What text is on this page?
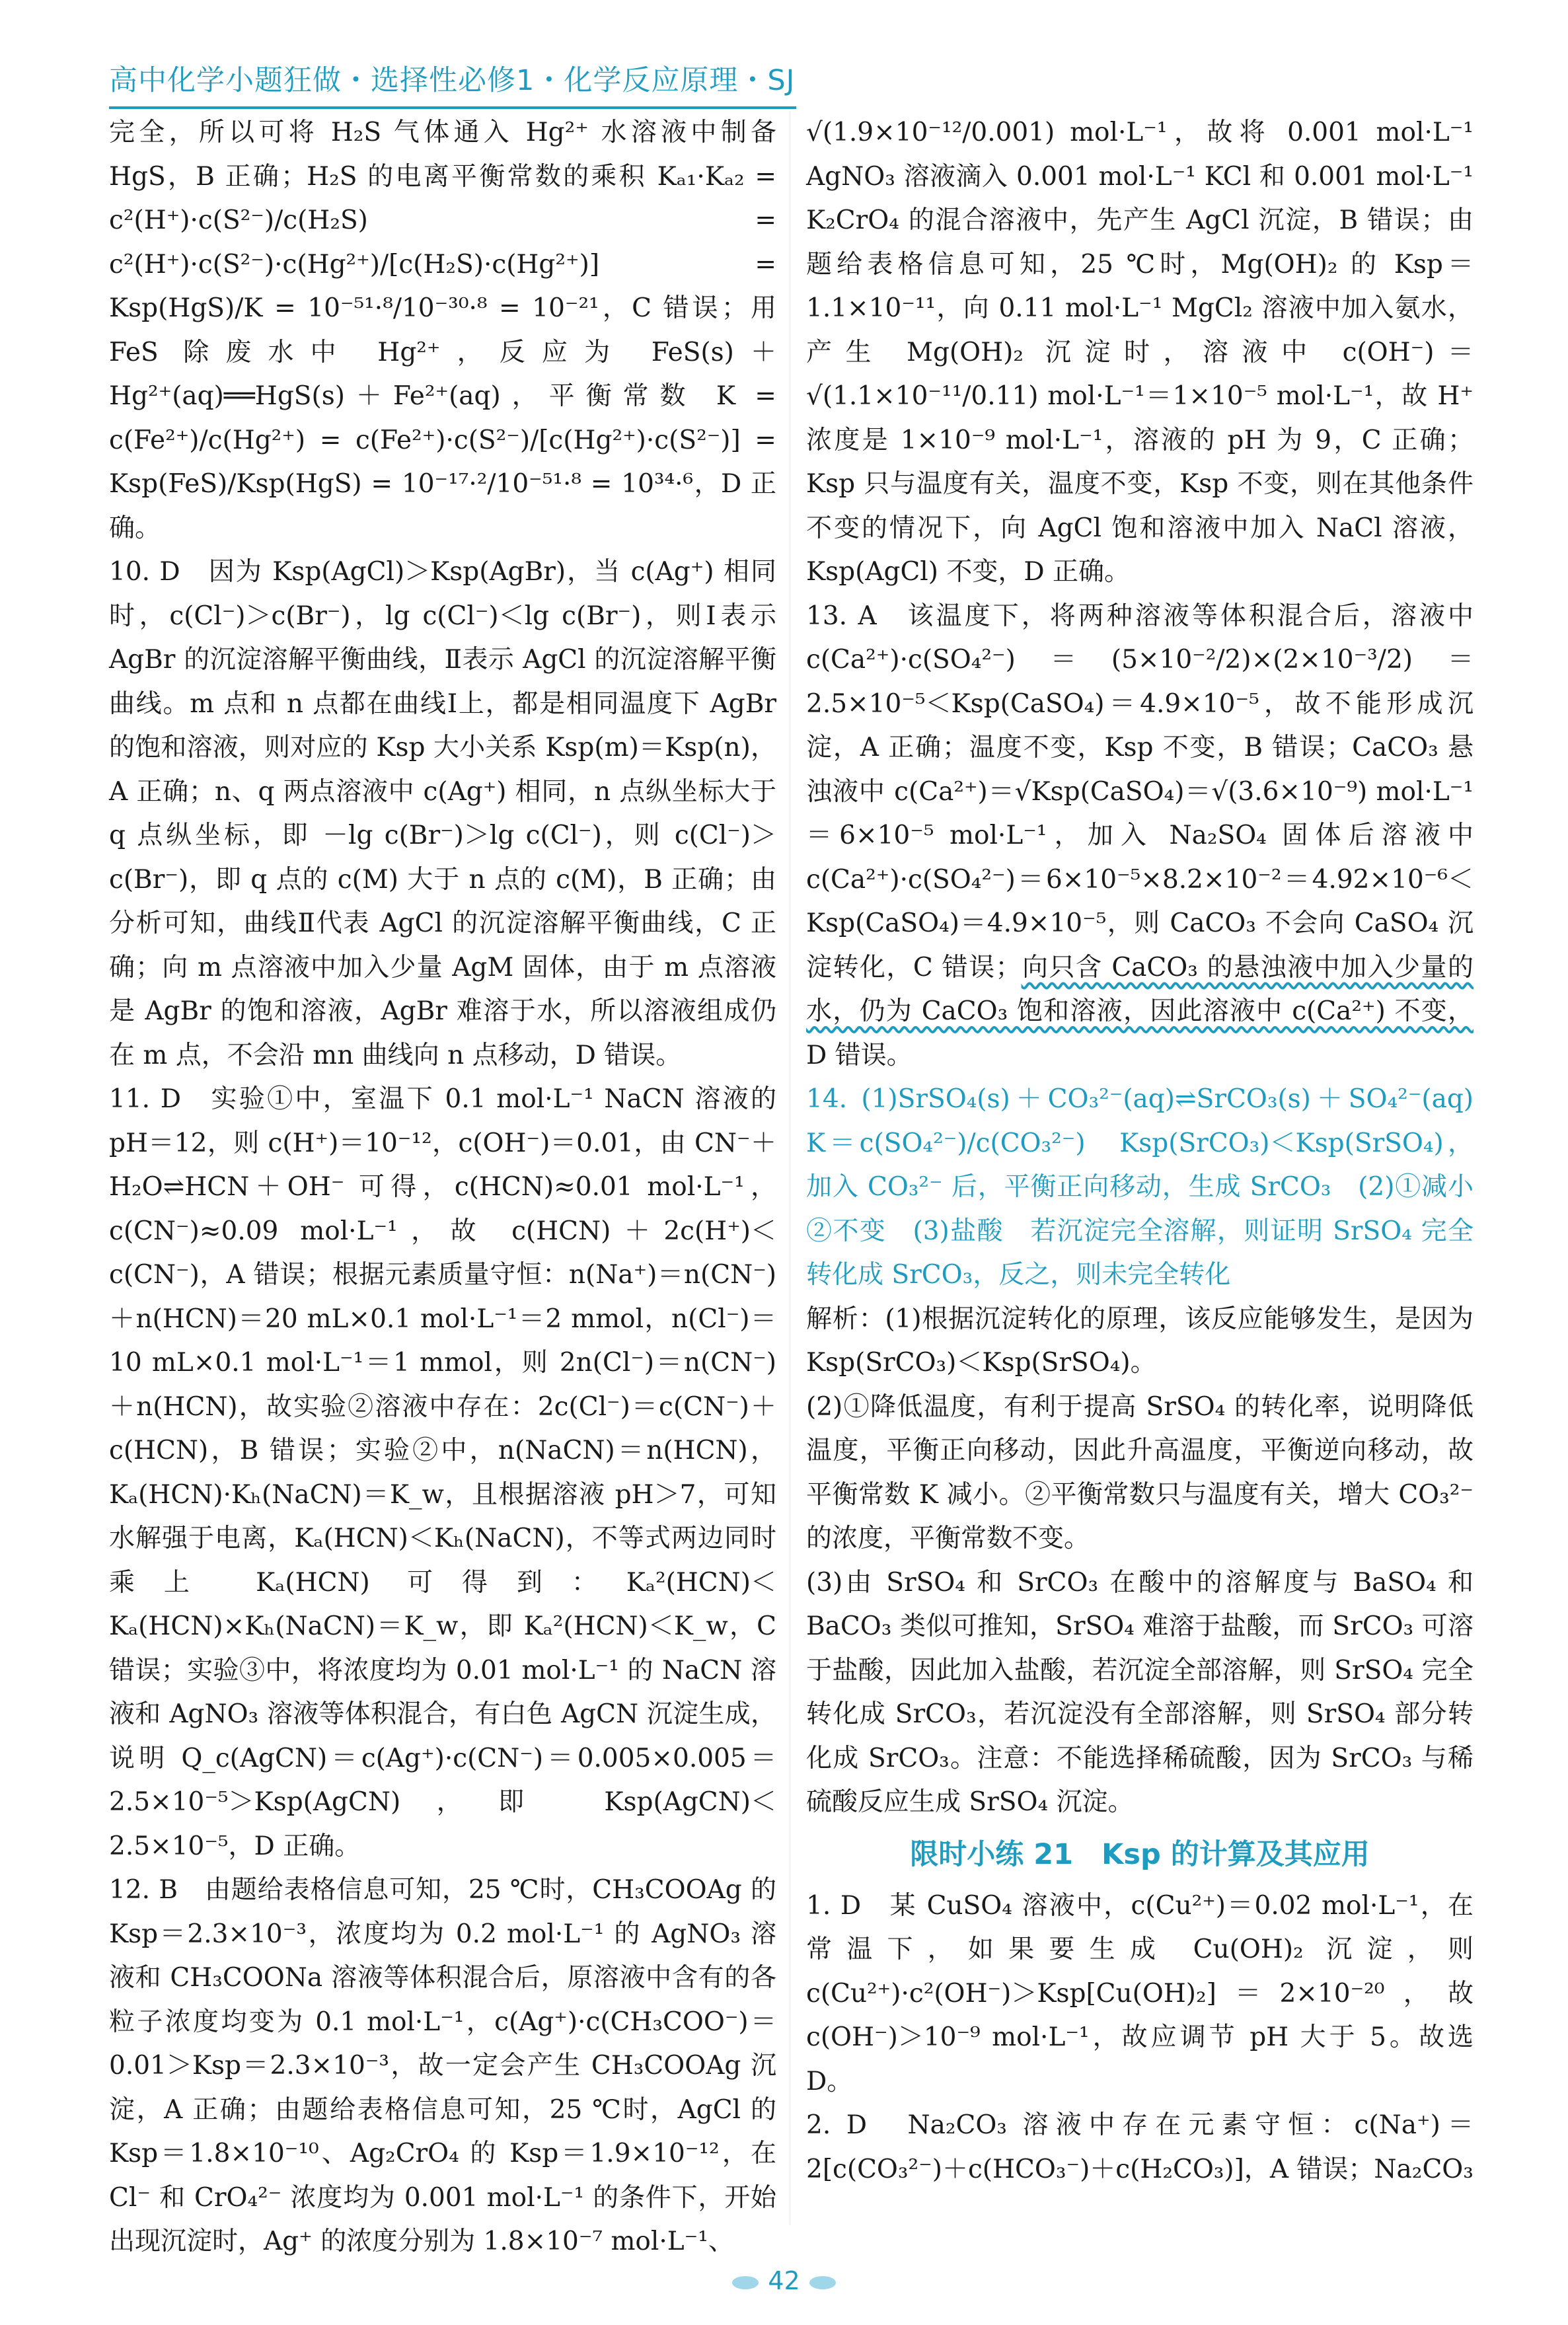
高中化学小题狂做・选择性必修1・化学反应原理・SJ

完全，所以可将 H₂S 气体通入 Hg²⁺ 水溶液中制备 HgS，B 正确；H₂S 的电离平衡常数的乘积 Kₐ₁·Kₐ₂ = c²(H⁺)·c(S²⁻)/c(H₂S) = c²(H⁺)·c(S²⁻)·c(Hg²⁺)/[c(H₂S)·c(Hg²⁺)] = Ksp(HgS)/K = 10⁻⁵¹·⁸/10⁻³⁰·⁸ = 10⁻²¹，C 错误；用 FeS 除废水中 Hg²⁺，反应为 FeS(s)＋Hg²⁺(aq)══HgS(s)＋Fe²⁺(aq)，平衡常数 K = c(Fe²⁺)/c(Hg²⁺) = c(Fe²⁺)·c(S²⁻)/[c(Hg²⁺)·c(S²⁻)] = Ksp(FeS)/Ksp(HgS) = 10⁻¹⁷·²/10⁻⁵¹·⁸ = 10³⁴·⁶，D 正确。

10. D　因为 Ksp(AgCl)＞Ksp(AgBr)，当 c(Ag⁺) 相同时，c(Cl⁻)＞c(Br⁻)，lg c(Cl⁻)＜lg c(Br⁻)，则Ⅰ表示 AgBr 的沉淀溶解平衡曲线，Ⅱ表示 AgCl 的沉淀溶解平衡曲线。m 点和 n 点都在曲线Ⅰ上，都是相同温度下 AgBr 的饱和溶液，则对应的 Ksp 大小关系 Ksp(m)＝Ksp(n)，A 正确；n、q 两点溶液中 c(Ag⁺) 相同，n 点纵坐标大于 q 点纵坐标，即 －lg c(Br⁻)＞lg c(Cl⁻)，则 c(Cl⁻)＞c(Br⁻)，即 q 点的 c(M) 大于 n 点的 c(M)，B 正确；由分析可知，曲线Ⅱ代表 AgCl 的沉淀溶解平衡曲线，C 正确；向 m 点溶液中加入少量 AgM 固体，由于 m 点溶液是 AgBr 的饱和溶液，AgBr 难溶于水，所以溶液组成仍在 m 点，不会沿 mn 曲线向 n 点移动，D 错误。

11. D　实验①中，室温下 0.1 mol·L⁻¹ NaCN 溶液的 pH＝12，则 c(H⁺)＝10⁻¹²，c(OH⁻)＝0.01，由 CN⁻＋H₂O⇌HCN＋OH⁻ 可得，c(HCN)≈0.01 mol·L⁻¹，c(CN⁻)≈0.09 mol·L⁻¹，故 c(HCN)＋2c(H⁺)＜c(CN⁻)，A 错误；根据元素质量守恒：n(Na⁺)＝n(CN⁻)＋n(HCN)＝20 mL×0.1 mol·L⁻¹＝2 mmol，n(Cl⁻)＝10 mL×0.1 mol·L⁻¹＝1 mmol，则 2n(Cl⁻)＝n(CN⁻)＋n(HCN)，故实验②溶液中存在：2c(Cl⁻)＝c(CN⁻)＋c(HCN)，B 错误；实验②中，n(NaCN)＝n(HCN)，Kₐ(HCN)·Kₕ(NaCN)＝K_w，且根据溶液 pH＞7，可知水解强于电离，Kₐ(HCN)＜Kₕ(NaCN)，不等式两边同时乘上 Kₐ(HCN) 可得到：Kₐ²(HCN)＜Kₐ(HCN)×Kₕ(NaCN)＝K_w，即 Kₐ²(HCN)＜K_w，C 错误；实验③中，将浓度均为 0.01 mol·L⁻¹ 的 NaCN 溶液和 AgNO₃ 溶液等体积混合，有白色 AgCN 沉淀生成，说明 Q_c(AgCN)＝c(Ag⁺)·c(CN⁻)＝0.005×0.005＝2.5×10⁻⁵＞Ksp(AgCN)，即 Ksp(AgCN)＜2.5×10⁻⁵，D 正确。

12. B　由题给表格信息可知，25 ℃时，CH₃COOAg 的 Ksp＝2.3×10⁻³，浓度均为 0.2 mol·L⁻¹ 的 AgNO₃ 溶液和 CH₃COONa 溶液等体积混合后，原溶液中含有的各粒子浓度均变为 0.1 mol·L⁻¹，c(Ag⁺)·c(CH₃COO⁻)＝0.01＞Ksp＝2.3×10⁻³，故一定会产生 CH₃COOAg 沉淀，A 正确；由题给表格信息可知，25 ℃时，AgCl 的 Ksp＝1.8×10⁻¹⁰、Ag₂CrO₄ 的 Ksp＝1.9×10⁻¹²，在 Cl⁻ 和 CrO₄²⁻ 浓度均为 0.001 mol·L⁻¹ 的条件下，开始出现沉淀时，Ag⁺ 的浓度分别为 1.8×10⁻⁷ mol·L⁻¹、

√(1.9×10⁻¹²/0.001) mol·L⁻¹，故将 0.001 mol·L⁻¹ AgNO₃ 溶液滴入 0.001 mol·L⁻¹ KCl 和 0.001 mol·L⁻¹ K₂CrO₄ 的混合溶液中，先产生 AgCl 沉淀，B 错误；由题给表格信息可知，25 ℃时，Mg(OH)₂ 的 Ksp＝1.1×10⁻¹¹，向 0.11 mol·L⁻¹ MgCl₂ 溶液中加入氨水，产生 Mg(OH)₂ 沉淀时，溶液中 c(OH⁻)＝√(1.1×10⁻¹¹/0.11) mol·L⁻¹＝1×10⁻⁵ mol·L⁻¹，故 H⁺ 浓度是 1×10⁻⁹ mol·L⁻¹，溶液的 pH 为 9，C 正确；Ksp 只与温度有关，温度不变，Ksp 不变，则在其他条件不变的情况下，向 AgCl 饱和溶液中加入 NaCl 溶液，Ksp(AgCl) 不变，D 正确。

13. A　该温度下，将两种溶液等体积混合后，溶液中 c(Ca²⁺)·c(SO₄²⁻)＝(5×10⁻²/2)×(2×10⁻³/2)＝2.5×10⁻⁵＜Ksp(CaSO₄)＝4.9×10⁻⁵，故不能形成沉淀，A 正确；温度不变，Ksp 不变，B 错误；CaCO₃ 悬浊液中 c(Ca²⁺)＝√Ksp(CaSO₄)＝√(3.6×10⁻⁹) mol·L⁻¹＝6×10⁻⁵ mol·L⁻¹，加入 Na₂SO₄ 固体后溶液中 c(Ca²⁺)·c(SO₄²⁻)＝6×10⁻⁵×8.2×10⁻²＝4.92×10⁻⁶＜Ksp(CaSO₄)＝4.9×10⁻⁵，则 CaCO₃ 不会向 CaSO₄ 沉淀转化，C 错误；向只含 CaCO₃ 的悬浊液中加入少量的水，仍为 CaCO₃ 饱和溶液，因此溶液中 c(Ca²⁺) 不变，D 错误。

14. (1)SrSO₄(s)＋CO₃²⁻(aq)⇌SrCO₃(s)＋SO₄²⁻(aq)　K＝c(SO₄²⁻)/c(CO₃²⁻)　Ksp(SrCO₃)＜Ksp(SrSO₄)，加入 CO₃²⁻ 后，平衡正向移动，生成 SrCO₃　(2)①减小　②不变　(3)盐酸　若沉淀完全溶解，则证明 SrSO₄ 完全转化成 SrCO₃，反之，则未完全转化

解析：(1)根据沉淀转化的原理，该反应能够发生，是因为 Ksp(SrCO₃)＜Ksp(SrSO₄)。

(2)①降低温度，有利于提高 SrSO₄ 的转化率，说明降低温度，平衡正向移动，因此升高温度，平衡逆向移动，故平衡常数 K 减小。②平衡常数只与温度有关，增大 CO₃²⁻ 的浓度，平衡常数不变。

(3)由 SrSO₄ 和 SrCO₃ 在酸中的溶解度与 BaSO₄ 和 BaCO₃ 类似可推知，SrSO₄ 难溶于盐酸，而 SrCO₃ 可溶于盐酸，因此加入盐酸，若沉淀全部溶解，则 SrSO₄ 完全转化成 SrCO₃，若沉淀没有全部溶解，则 SrSO₄ 部分转化成 SrCO₃。注意：不能选择稀硫酸，因为 SrCO₃ 与稀硫酸反应生成 SrSO₄ 沉淀。

限时小练 21　Ksp 的计算及其应用

1. D　某 CuSO₄ 溶液中，c(Cu²⁺)＝0.02 mol·L⁻¹，在常温下，如果要生成 Cu(OH)₂ 沉淀，则 c(Cu²⁺)·c²(OH⁻)＞Ksp[Cu(OH)₂]＝2×10⁻²⁰，故 c(OH⁻)＞10⁻⁹ mol·L⁻¹，故应调节 pH 大于 5。故选 D。

2. D　Na₂CO₃ 溶液中存在元素守恒：c(Na⁺)＝2[c(CO₃²⁻)＋c(HCO₃⁻)＋c(H₂CO₃)]，A 错误；Na₂CO₃

42
